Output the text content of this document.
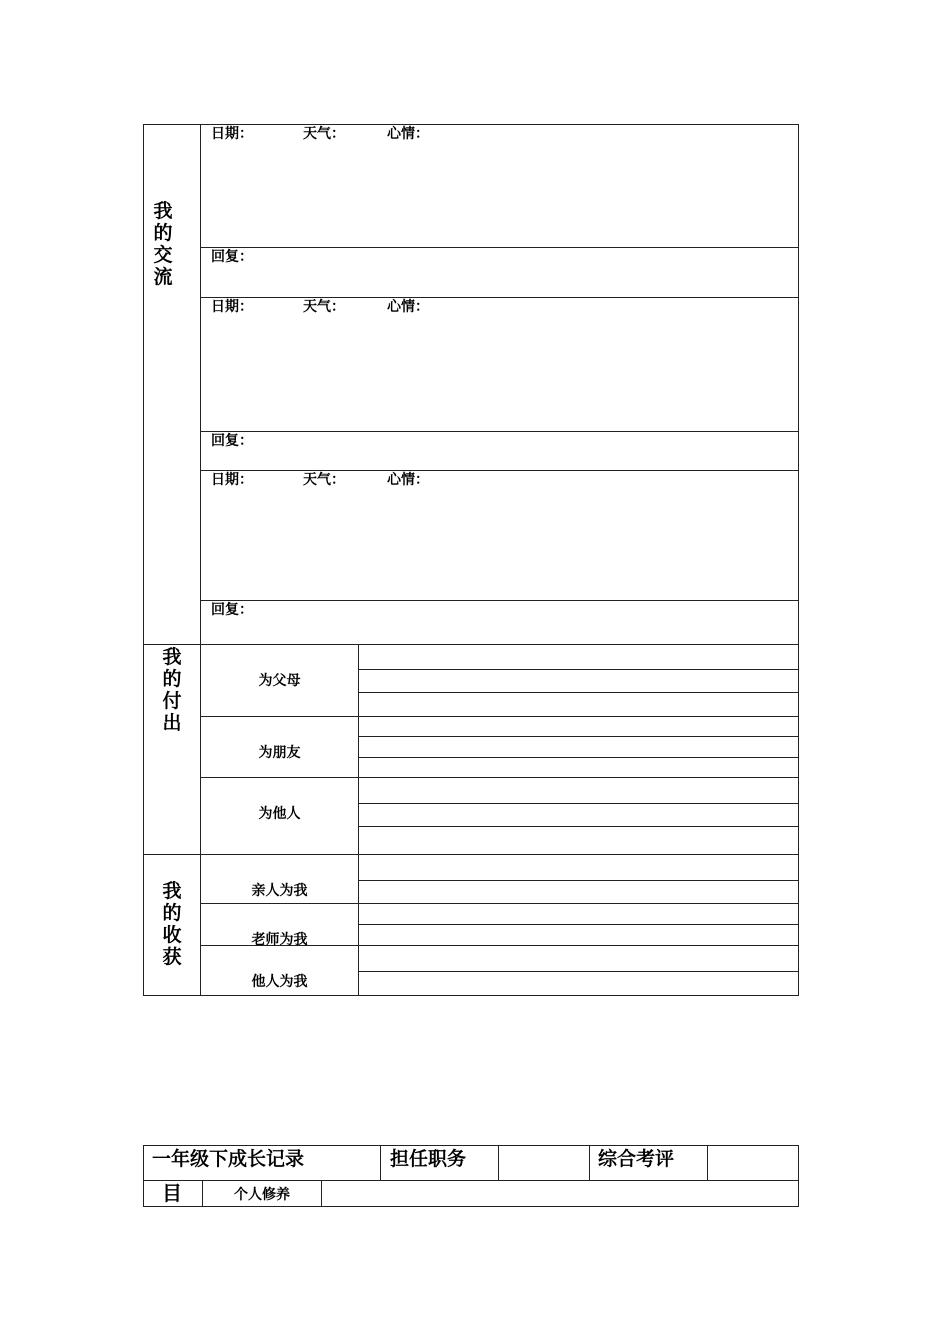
我的交流
日期：	天气：	心情：
回复：
日期：	天气：	心情：
回复：
日期：	天气：	心情：
回复：
我的付出
为父母
为朋友
为他人
我的收获
亲人为我
老师为我
他人为我
一年级下成长记录	担任职务	综合考评
目	个人修养
